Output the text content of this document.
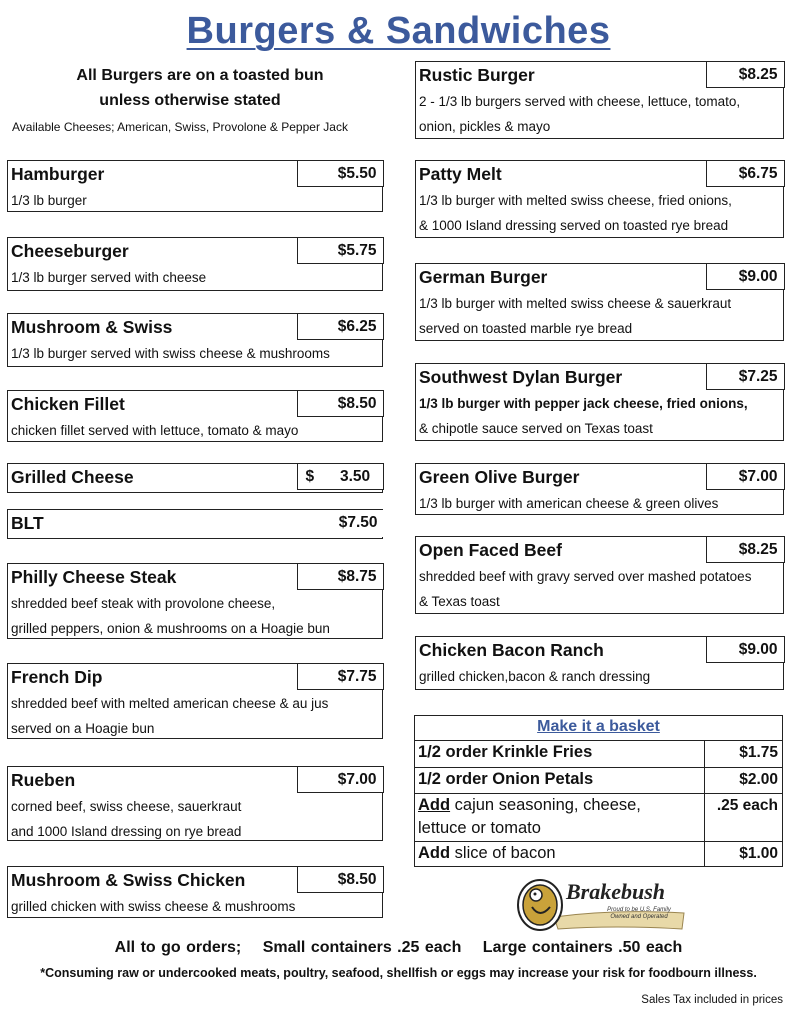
Burgers & Sandwiches
All Burgers are on a toasted bun
unless otherwise stated
Available Cheeses; American, Swiss, Provolone & Pepper Jack
Hamburger	$5.50
1/3 lb burger
Cheeseburger	$5.75
1/3 lb burger served with cheese
Mushroom & Swiss	$6.25
1/3 lb burger served with swiss cheese & mushrooms
Chicken Fillet	$8.50
chicken fillet served with lettuce, tomato & mayo
Grilled Cheese	$      3.50
BLT	$7.50
Philly Cheese Steak	$8.75
shredded beef steak with provolone cheese,
grilled peppers, onion & mushrooms on a Hoagie bun
French Dip	$7.75
shredded beef with melted american cheese & au jus
served on a Hoagie bun
Rueben	$7.00
corned beef, swiss cheese, sauerkraut
and 1000 Island dressing on rye bread
Mushroom & Swiss Chicken	$8.50
grilled chicken with swiss cheese & mushrooms
Rustic Burger	$8.25
2 - 1/3 lb burgers served with cheese, lettuce, tomato,
onion, pickles & mayo
Patty Melt	$6.75
1/3 lb burger with melted swiss cheese, fried onions,
& 1000 Island dressing served on toasted rye bread
German Burger	$9.00
1/3 lb burger with melted swiss cheese & sauerkraut
served on toasted marble rye bread
Southwest Dylan Burger	$7.25
1/3 lb burger with pepper jack cheese, fried onions,
& chipotle sauce served on Texas toast
Green Olive Burger	$7.00
1/3 lb burger with american cheese & green olives
Open Faced Beef	$8.25
shredded beef with gravy served over mashed potatoes
& Texas toast
Chicken Bacon Ranch	$9.00
grilled chicken,bacon & ranch dressing
Make it a basket
1/2 order Krinkle Fries	$1.75
1/2 order Onion Petals	$2.00
Add cajun seasoning, cheese,
lettuce or tomato
.25 each
Add slice of bacon	$1.00
Brakebush
Proud to be U.S. Family Owned and Operated
All to go orders; Small containers .25 each Large containers .50 each
*Consuming raw or undercooked meats, poultry, seafood, shellfish or eggs may increase your risk for foodbourn illness.
Sales Tax included in prices
